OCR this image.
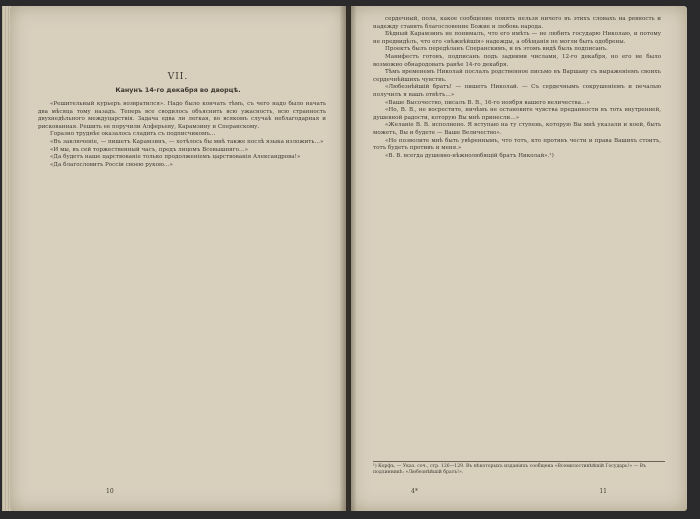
VII.
Канунъ 14-го декабря во дворцѣ.

«Решительный курьеръ возвратился». Надо было кончать тѣмъ, съ чего надо было начать два мѣсяца тому назадъ. Теперь все сводилось объяснить всю ужасность, всю странность двухнедѣльного междуцарствія. Задача едва ли легкая, во всякомъ случаѣ неблагодарная и рискованная. Решить ее поручили Алферьеву, Карамзину и Сперанскому.

Горазно труднѣе оказалось сладить съ подписчикомъ…

«Въ заключеніе, — пишетъ Карамзинъ, — хотѣлось бы мнѣ также послѣ языка изложить…»

«И мы, въ сей торжественный часъ, предъ лицомъ Всевышняго…»

«Да будетъ наше царствованіе только продолженіемъ царствованія Александрова!»

«Да благословитъ Россіи своею рукою…»

10

сердечный, пола, какое сообщение понять нельзя ничего въ этихъ словахъ на ревность и надежду ставить благословение Божие и любовь народа.

Бѣдный Карамзинъ не понималъ, что его имѣть — не любить государю Николаю, и потому не предвидѣлъ, что его «нѣжнѣйшія» надежды, а обѣщанія не могли быть одобрены.

Проектъ былъ передѣланъ Сперанскимъ, и въ этомъ видѣ быль подписанъ.

Манифестъ готовъ, подписанъ подъ задними числами, 12-го декабря, но его не было возможно обнародовать ранѣе 14-го декабря.

Тѣмъ временемъ Николай послалъ родственное письмо въ Варшаву съ выраженіемъ своихъ сердечнѣйшихъ чувствъ.

«Любезнѣйшій братъ! — пишетъ Николай. — Съ сердечнымъ сокрушеніемъ и печалью получилъ я вашъ отвѣтъ…»

«Ваше Высочество, писалъ В. В., 16-го ноября вашего величества…»

«Но, В. В., не восрестите, ничѣмъ не остановите чувства преданности въ тоть внутренней, душевной радости, которую Вы мнѣ принесли…»

«Желаніе В. В. исполнено. Я вступаю на ту ступень, которую Вы мнѣ указали и коей, быть можетъ, Вы и будете — Ваше Величество».

«Но позволите мнѣ быть увѣреннымъ, что тотъ, кто противъ чести и права Вашихъ стоитъ, тотъ будетъ противъ и меня.»

«В. В. всегда душевно-нѣжнолюбящій братъ Николай».¹)

¹) Корфъ, — Указ. соч., стр. 126—129. Въ нѣкоторыхъ изданіяхъ сообщена «Всемилостивѣйшій Государь!» — Въ подлинникѣ: «Любезнѣйшій братъ!».
4*	11
